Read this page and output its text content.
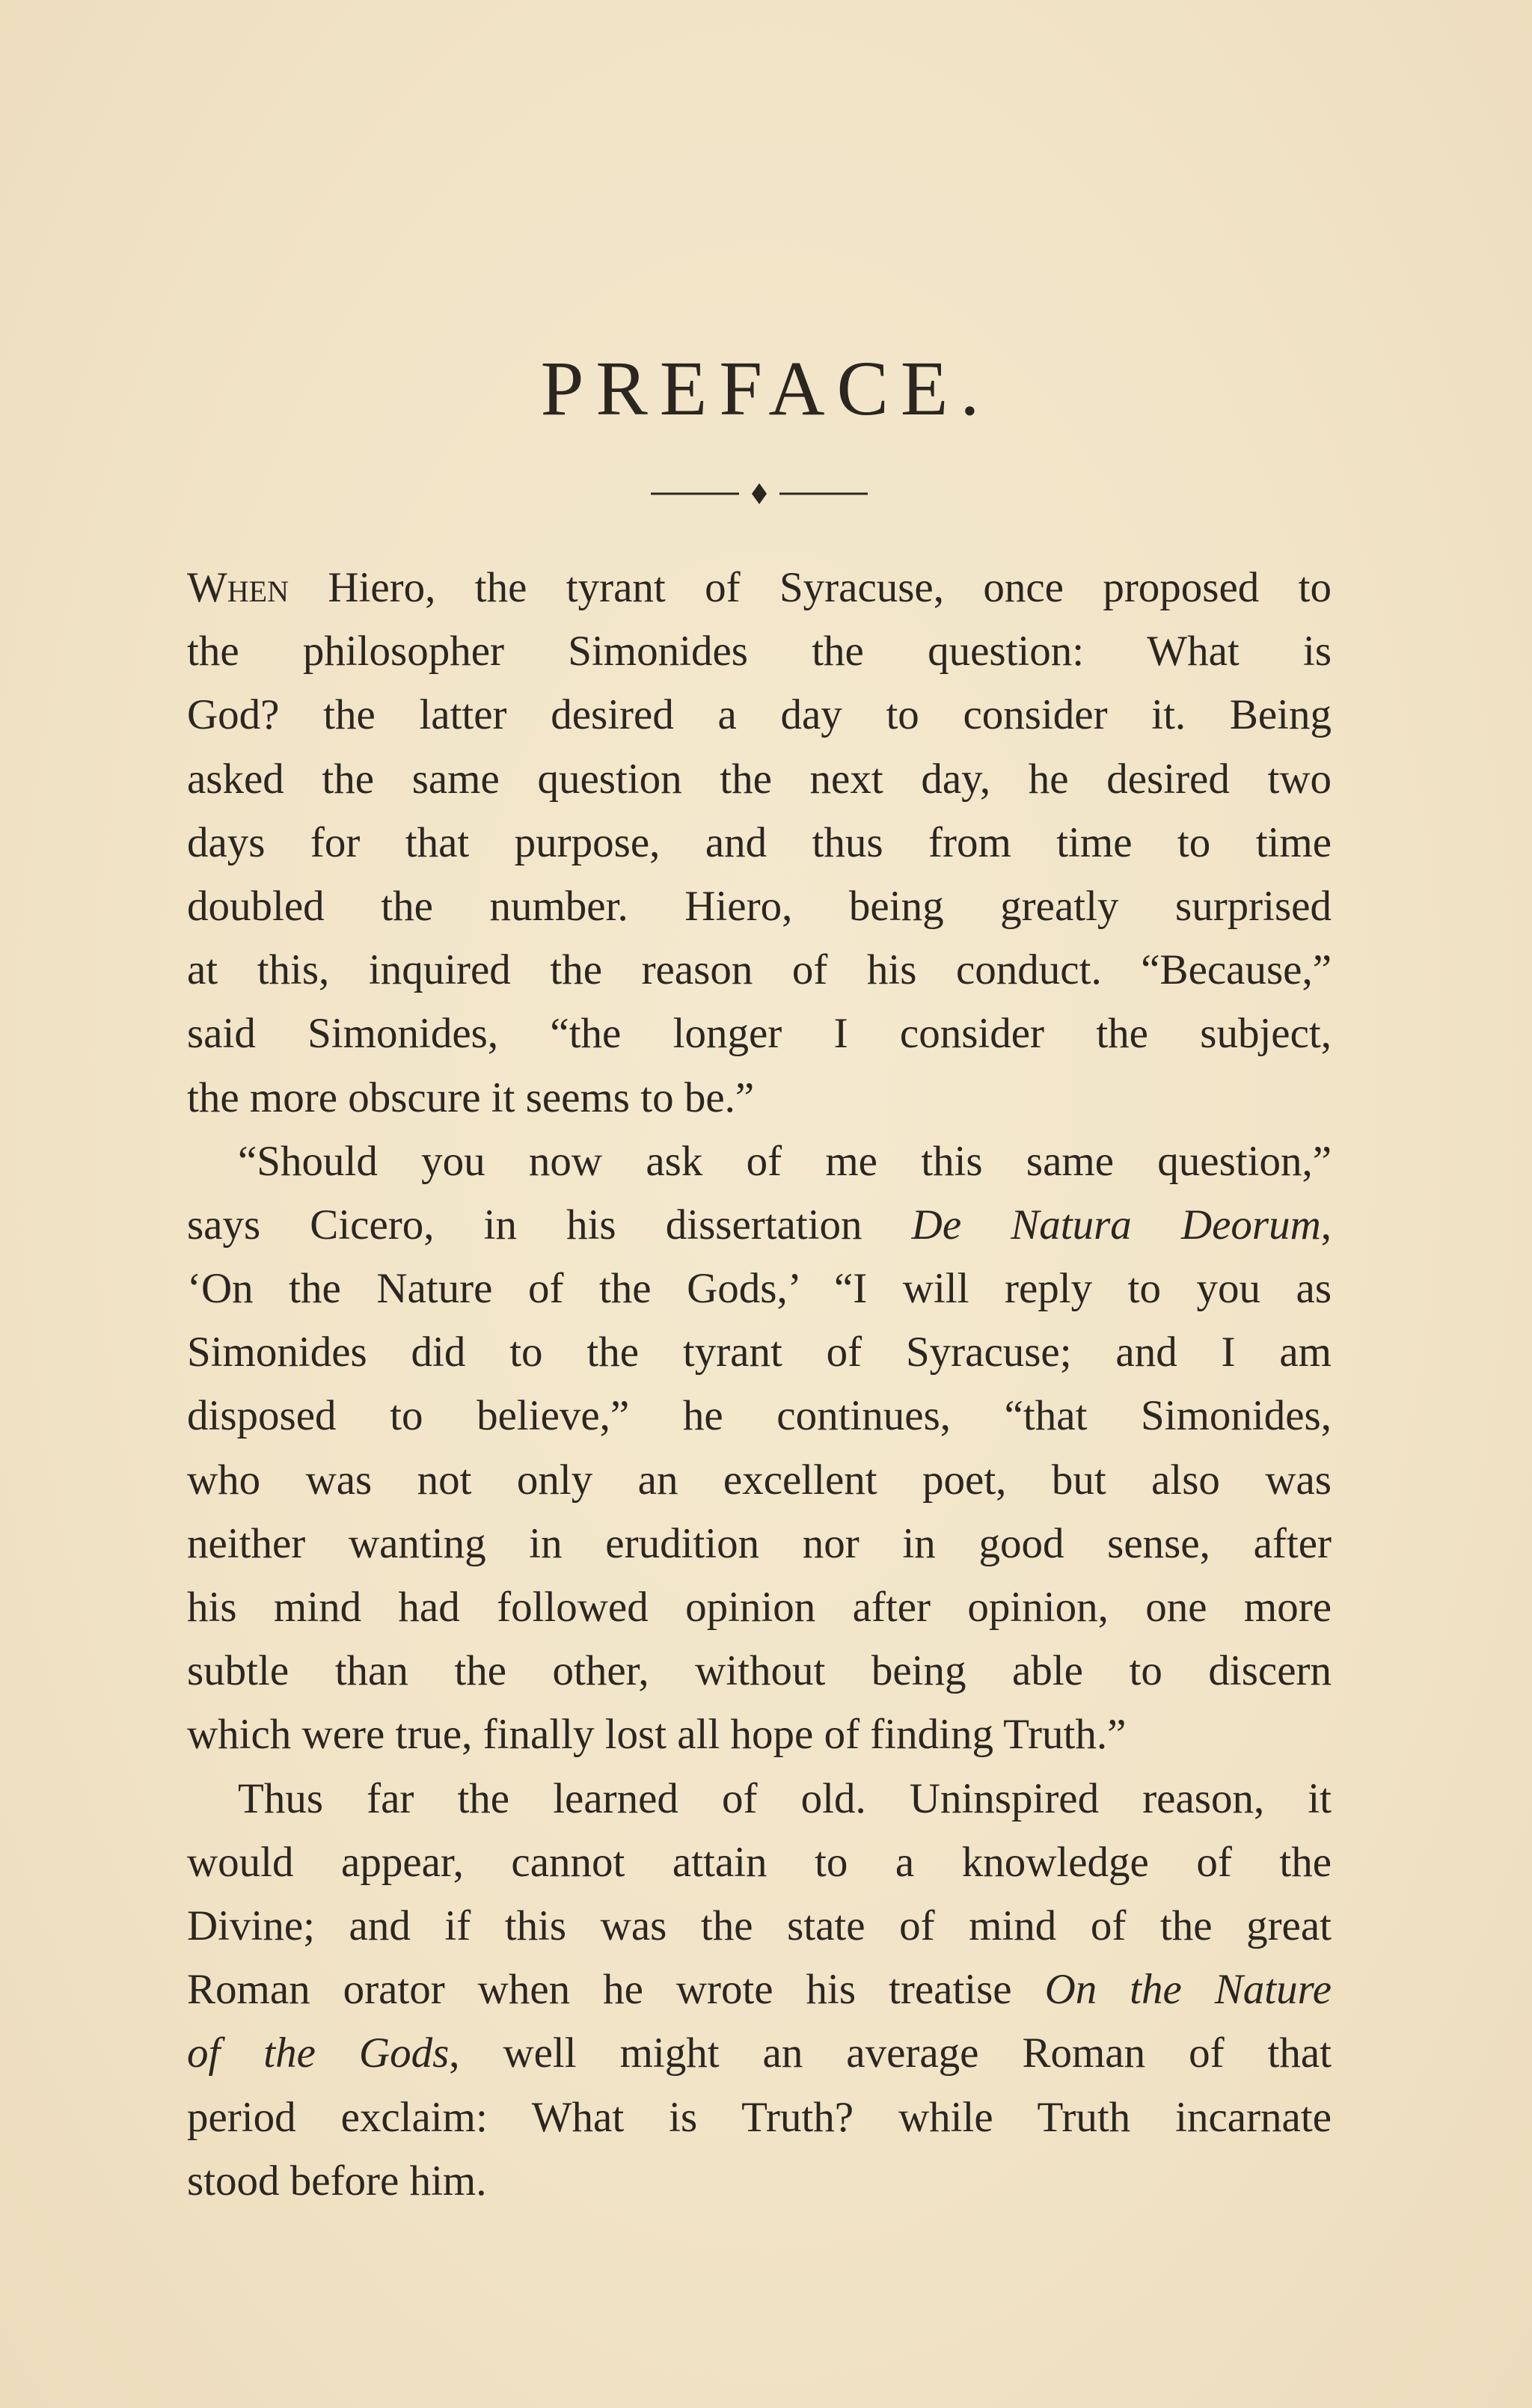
PREFACE.
When Hiero, the tyrant of Syracuse, once proposed to
the philosopher Simonides the question: What is
God? the latter desired a day to consider it. Being
asked the same question the next day, he desired two
days for that purpose, and thus from time to time
doubled the number. Hiero, being greatly surprised
at this, inquired the reason of his conduct. “Because,”
said Simonides, “the longer I consider the subject,
the more obscure it seems to be.”
“Should you now ask of me this same question,”
says Cicero, in his dissertation De Natura Deorum,
‘On the Nature of the Gods,’ “I will reply to you as
Simonides did to the tyrant of Syracuse; and I am
disposed to believe,” he continues, “that Simonides,
who was not only an excellent poet, but also was
neither wanting in erudition nor in good sense, after
his mind had followed opinion after opinion, one more
subtle than the other, without being able to discern
which were true, finally lost all hope of finding Truth.”
Thus far the learned of old. Uninspired reason, it
would appear, cannot attain to a knowledge of the
Divine; and if this was the state of mind of the great
Roman orator when he wrote his treatise On the Nature
of the Gods, well might an average Roman of that
period exclaim: What is Truth? while Truth incarnate
stood before him.
